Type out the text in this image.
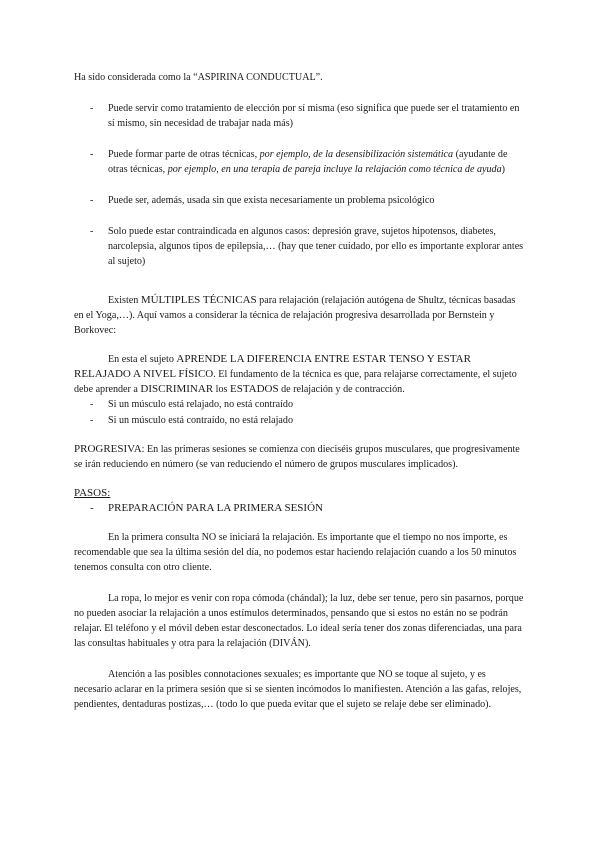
Ha sido considerada como la “ASPIRINA CONDUCTUAL”.

- Puede servir como tratamiento de elección por sí misma (eso significa que puede ser el tratamiento en sí mismo, sin necesidad de trabajar nada más)
- Puede formar parte de otras técnicas, por ejemplo, de la desensibilización sistemática (ayudante de otras técnicas, por ejemplo, en una terapia de pareja incluye la relajación como técnica de ayuda)
- Puede ser, además, usada sin que exista necesariamente un problema psicológico
- Solo puede estar contraindicada en algunos casos: depresión grave, sujetos hipotensos, diabetes, narcolepsia, algunos tipos de epilepsia,… (hay que tener cuidado, por ello es importante explorar antes al sujeto)

Existen MÚLTIPLES TÉCNICAS para relajación (relajación autógena de Shultz, técnicas basadas en el Yoga,…). Aquí vamos a considerar la técnica de relajación progresiva desarrollada por Bernstein y Borkovec:

En esta el sujeto APRENDE LA DIFERENCIA ENTRE ESTAR TENSO Y ESTAR RELAJADO A NIVEL FÍSICO. El fundamento de la técnica es que, para relajarse correctamente, el sujeto debe aprender a DISCRIMINAR los ESTADOS de relajación y de contracción.

- Si un músculo está relajado, no está contraído
- Si un músculo está contraído, no está relajado

PROGRESIVA: En las primeras sesiones se comienza con dieciséis grupos musculares, que progresivamente se irán reduciendo en número (se van reduciendo el número de grupos musculares implicados).

PASOS:

- PREPARACIÓN PARA LA PRIMERA SESIÓN

En la primera consulta NO se iniciará la relajación. Es importante que el tiempo no nos importe, es recomendable que sea la última sesión del día, no podemos estar haciendo relajación cuando a los 50 minutos tenemos consulta con otro cliente.

La ropa, lo mejor es venir con ropa cómoda (chándal); la luz, debe ser tenue, pero sin pasarnos, porque no pueden asociar la relajación a unos estímulos determinados, pensando que si estos no están no se podrán relajar. El teléfono y el móvil deben estar desconectados. Lo ideal sería tener dos zonas diferenciadas, una para las consultas habituales y otra para la relajación (DIVÁN).

Atención a las posibles connotaciones sexuales; es importante que NO se toque al sujeto, y es necesario aclarar en la primera sesión que si se sienten incómodos lo manifiesten. Atención a las gafas, relojes, pendientes, dentaduras postizas,… (todo lo que pueda evitar que el sujeto se relaje debe ser eliminado).
